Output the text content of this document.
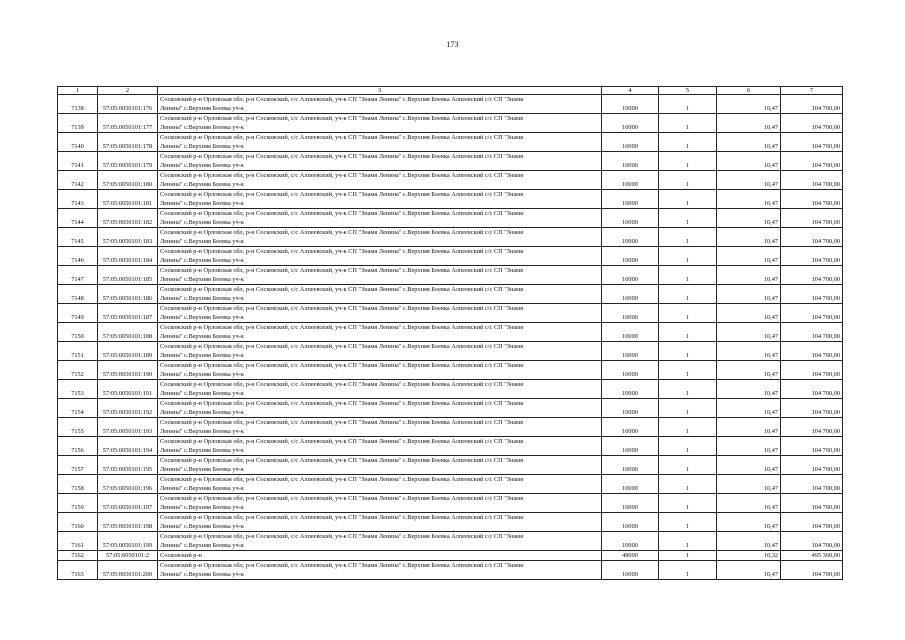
173
1	2	3	4	5	6	7
7138	57:05:0050101:176	Сосковский р-н Орловская обл, р-н Сосковский, с/с Алпеевский, уч-к СП "Знамя Ленина" с.Верхняя Боевка Алпеевский с/с СП "Знамя
Ленина" с.Верхняя Боевка уч-к	10000	1	10,47	104 700,00
7139	57:05:0050101:177	Сосковский р-н Орловская обл, р-н Сосковский, с/с Алпеевский, уч-к СП "Знамя Ленина" с.Верхняя Боевка Алпеевский с/с СП "Знамя
Ленина" с.Верхняя Боевка уч-к	10000	1	10,47	104 700,00
7140	57:05:0050101:178	Сосковский р-н Орловская обл, р-н Сосковский, с/с Алпеевский, уч-к СП "Знамя Ленина" с.Верхняя Боевка Алпеевский с/с СП "Знамя
Ленина" с.Верхняя Боевка уч-к	10000	1	10,47	104 700,00
7141	57:05:0050101:179	Сосковский р-н Орловская обл, р-н Сосковский, с/с Алпеевский, уч-к СП "Знамя Ленина" с.Верхняя Боевка Алпеевский с/с СП "Знамя
Ленина" с.Верхняя Боевка уч-к	10000	1	10,47	104 700,00
7142	57:05:0050101:180	Сосковский р-н Орловская обл, р-н Сосковский, с/с Алпеевский, уч-к СП "Знамя Ленина" с.Верхняя Боевка Алпеевский с/с СП "Знамя
Ленина" с.Верхняя Боевка уч-к	10000	1	10,47	104 700,00
7143	57:05:0050101:181	Сосковский р-н Орловская обл, р-н Сосковский, с/с Алпеевский, уч-к СП "Знамя Ленина" с.Верхняя Боевка Алпеевский с/с СП "Знамя
Ленина" с.Верхняя Боевка уч-к	10000	1	10,47	104 700,00
7144	57:05:0050101:182	Сосковский р-н Орловская обл, р-н Сосковский, с/с Алпеевский, уч-к СП "Знамя Ленина" с.Верхняя Боевка Алпеевский с/с СП "Знамя
Ленина" с.Верхняя Боевка уч-к	10000	1	10,47	104 700,00
7145	57:05:0050101:183	Сосковский р-н Орловская обл, р-н Сосковский, с/с Алпеевский, уч-к СП "Знамя Ленина" с.Верхняя Боевка Алпеевский с/с СП "Знамя
Ленина" с.Верхняя Боевка уч-к	10000	1	10,47	104 700,00
7146	57:05:0050101:184	Сосковский р-н Орловская обл, р-н Сосковский, с/с Алпеевский, уч-к СП "Знамя Ленина" с.Верхняя Боевка Алпеевский с/с СП "Знамя
Ленина" с.Верхняя Боевка уч-к	10000	1	10,47	104 700,00
7147	57:05:0050101:185	Сосковский р-н Орловская обл, р-н Сосковский, с/с Алпеевский, уч-к СП "Знамя Ленина" с.Верхняя Боевка Алпеевский с/с СП "Знамя
Ленина" с.Верхняя Боевка уч-к	10000	1	10,47	104 700,00
7148	57:05:0050101:186	Сосковский р-н Орловская обл, р-н Сосковский, с/с Алпеевский, уч-к СП "Знамя Ленина" с.Верхняя Боевка Алпеевский с/с СП "Знамя
Ленина" с.Верхняя Боевка уч-к	10000	1	10,47	104 700,00
7149	57:05:0050101:187	Сосковский р-н Орловская обл, р-н Сосковский, с/с Алпеевский, уч-к СП "Знамя Ленина" с.Верхняя Боевка Алпеевский с/с СП "Знамя
Ленина" с.Верхняя Боевка уч-к	10000	1	10,47	104 700,00
7150	57:05:0050101:188	Сосковский р-н Орловская обл, р-н Сосковский, с/с Алпеевский, уч-к СП "Знамя Ленина" с.Верхняя Боевка Алпеевский с/с СП "Знамя
Ленина" с.Верхняя Боевка уч-к	10000	1	10,47	104 700,00
7151	57:05:0050101:189	Сосковский р-н Орловская обл, р-н Сосковский, с/с Алпеевский, уч-к СП "Знамя Ленина" с.Верхняя Боевка Алпеевский с/с СП "Знамя
Ленина" с.Верхняя Боевка уч-к	10000	1	10,47	104 700,00
7152	57:05:0050101:190	Сосковский р-н Орловская обл, р-н Сосковский, с/с Алпеевский, уч-к СП "Знамя Ленина" с.Верхняя Боевка Алпеевский с/с СП "Знамя
Ленина" с.Верхняя Боевка уч-к	10000	1	10,47	104 700,00
7153	57:05:0050101:191	Сосковский р-н Орловская обл, р-н Сосковский, с/с Алпеевский, уч-к СП "Знамя Ленина" с.Верхняя Боевка Алпеевский с/с СП "Знамя
Ленина" с.Верхняя Боевка уч-к	10000	1	10,47	104 700,00
7154	57:05:0050101:192	Сосковский р-н Орловская обл, р-н Сосковский, с/с Алпеевский, уч-к СП "Знамя Ленина" с.Верхняя Боевка Алпеевский с/с СП "Знамя
Ленина" с.Верхняя Боевка уч-к	10000	1	10,47	104 700,00
7155	57:05:0050101:193	Сосковский р-н Орловская обл, р-н Сосковский, с/с Алпеевский, уч-к СП "Знамя Ленина" с.Верхняя Боевка Алпеевский с/с СП "Знамя
Ленина" с.Верхняя Боевка уч-к	10000	1	10,47	104 700,00
7156	57:05:0050101:194	Сосковский р-н Орловская обл, р-н Сосковский, с/с Алпеевский, уч-к СП "Знамя Ленина" с.Верхняя Боевка Алпеевский с/с СП "Знамя
Ленина" с.Верхняя Боевка уч-к	10000	1	10,47	104 700,00
7157	57:05:0050101:195	Сосковский р-н Орловская обл, р-н Сосковский, с/с Алпеевский, уч-к СП "Знамя Ленина" с.Верхняя Боевка Алпеевский с/с СП "Знамя
Ленина" с.Верхняя Боевка уч-к	10000	1	10,47	104 700,00
7158	57:05:0050101:196	Сосковский р-н Орловская обл, р-н Сосковский, с/с Алпеевский, уч-к СП "Знамя Ленина" с.Верхняя Боевка Алпеевский с/с СП "Знамя
Ленина" с.Верхняя Боевка уч-к	10000	1	10,47	104 700,00
7159	57:05:0050101:197	Сосковский р-н Орловская обл, р-н Сосковский, с/с Алпеевский, уч-к СП "Знамя Ленина" с.Верхняя Боевка Алпеевский с/с СП "Знамя
Ленина" с.Верхняя Боевка уч-к	10000	1	10,47	104 700,00
7160	57:05:0050101:198	Сосковский р-н Орловская обл, р-н Сосковский, с/с Алпеевский, уч-к СП "Знамя Ленина" с.Верхняя Боевка Алпеевский с/с СП "Знамя
Ленина" с.Верхняя Боевка уч-к	10000	1	10,47	104 700,00
7161	57:05:0050101:199	Сосковский р-н Орловская обл, р-н Сосковский, с/с Алпеевский, уч-к СП "Знамя Ленина" с.Верхняя Боевка Алпеевский с/с СП "Знамя
Ленина" с.Верхняя Боевка уч-к	10000	1	10,47	104 700,00
7162	57:05:0050101:2	Сосковский р-н	48000	1	10,32	495 360,00
7163	57:05:0050101:200	Сосковский р-н Орловская обл, р-н Сосковский, с/с Алпеевский, уч-к СП "Знамя Ленина" с.Верхняя Боевка Алпеевский с/с СП "Знамя
Ленина" с.Верхняя Боевка уч-к	10000	1	10,47	104 700,00
